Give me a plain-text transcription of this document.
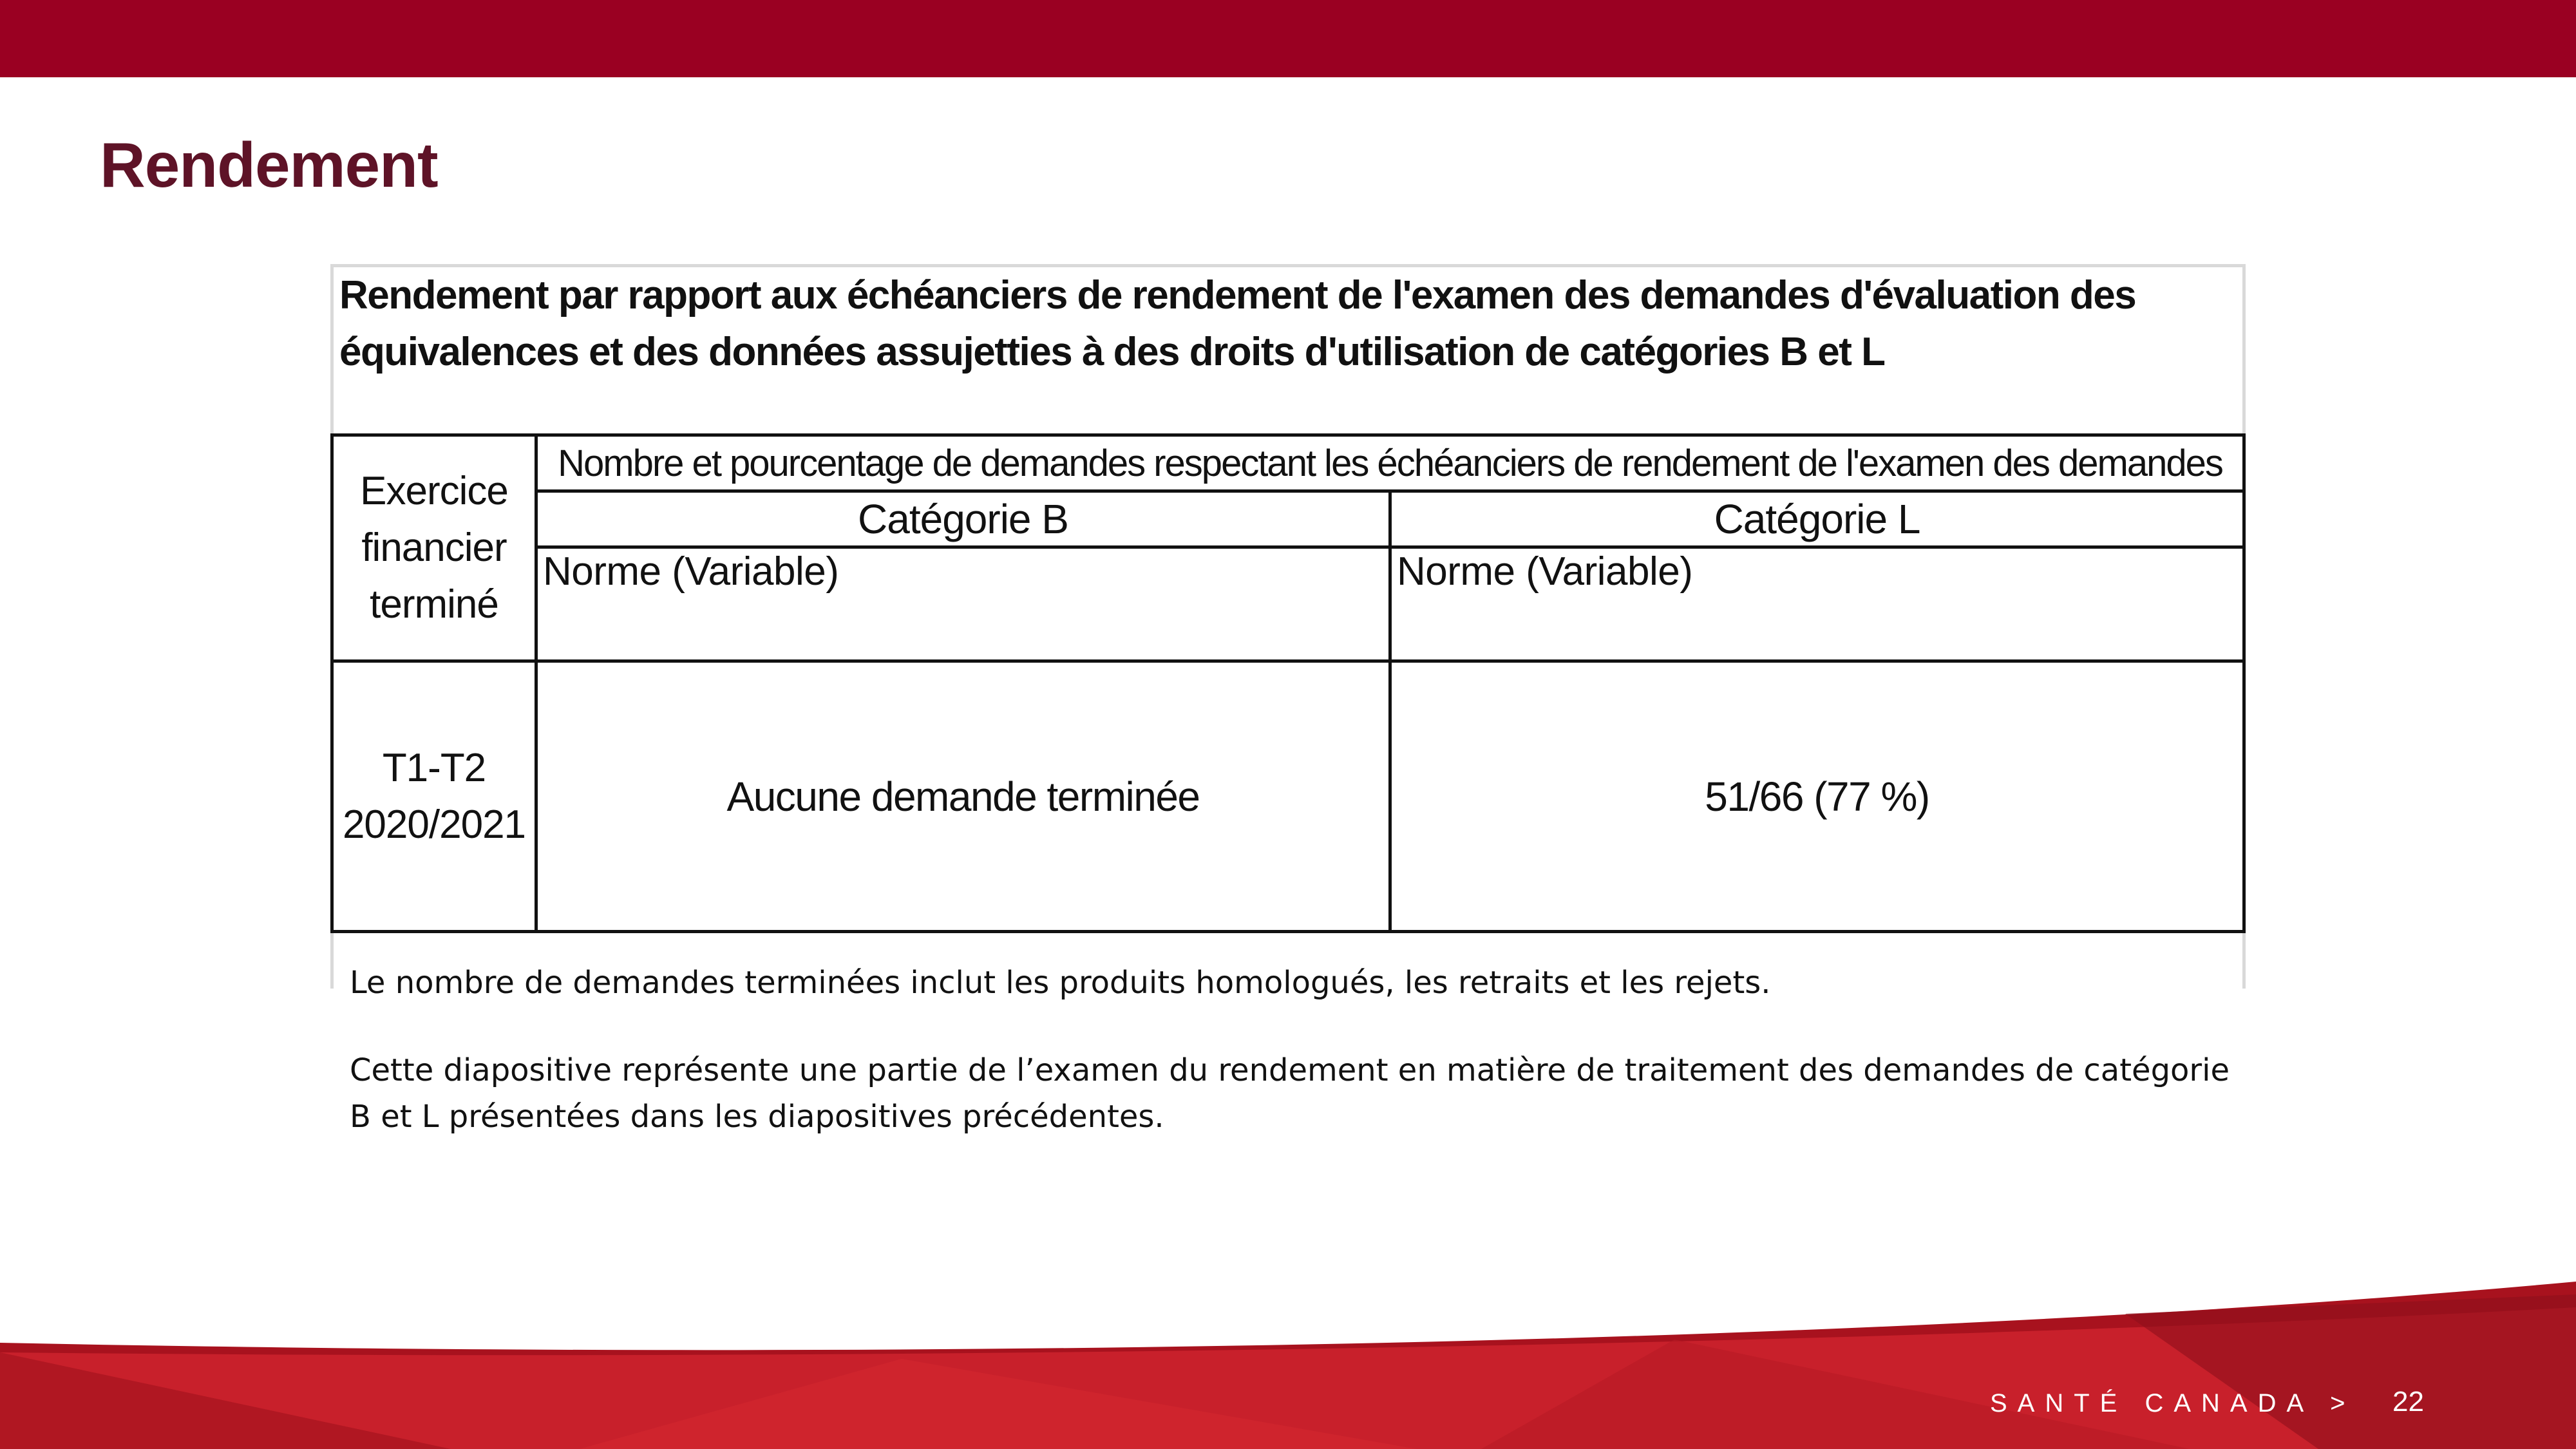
Rendement
Rendement par rapport aux échéanciers de rendement de l'examen des demandes d'évaluation des équivalences et des données assujetties à des droits d'utilisation de catégories B et L
Exercice financier terminé	Nombre et pourcentage de demandes respectant les échéanciers de rendement de l'examen des demandes	
	Catégorie B	Catégorie L
	Norme (Variable)	Norme (Variable)
T1-T2 2020/2021	Aucune demande terminée	51/66 (77 %)
Le nombre de demandes terminées inclut les produits homologués, les retraits et les rejets.
Cette diapositive représente une partie de l’examen du rendement en matière de traitement des demandes de catégorie B et L présentées dans les diapositives précédentes.
SANTÉ CANADA > 22
